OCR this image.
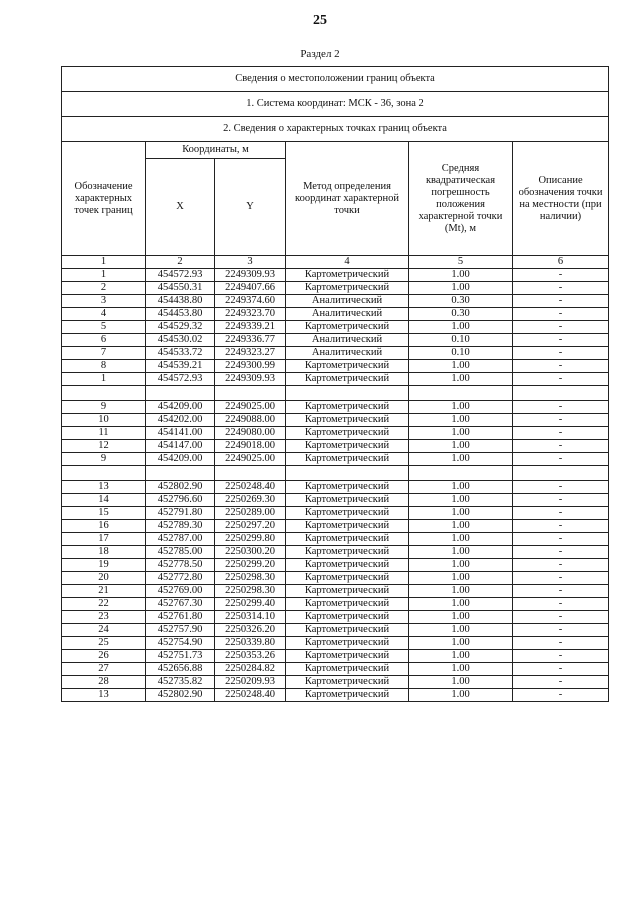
25
Раздел 2
Сведения о местоположении границ объекта					
1. Система координат: МСК - 36, зона 2					
2. Сведения о характерных точках границ объекта					
Обозначение характерных точек границ	Координаты, м		Метод определения координат характерной точки	Средняя квадратическая погрешность положения характерной точки (Mt), м	Описание обозначения точки на местности (при наличии)
	X	Y			
1	2	3	4	5	6
1	454572.93	2249309.93	Картометрический	1.00	-
2	454550.31	2249407.66	Картометрический	1.00	-
3	454438.80	2249374.60	Аналитический	0.30	-
4	454453.80	2249323.70	Аналитический	0.30	-
5	454529.32	2249339.21	Картометрический	1.00	-
6	454530.02	2249336.77	Аналитический	0.10	-
7	454533.72	2249323.27	Аналитический	0.10	-
8	454539.21	2249300.99	Картометрический	1.00	-
1	454572.93	2249309.93	Картометрический	1.00	-

9	454209.00	2249025.00	Картометрический	1.00	-
10	454202.00	2249088.00	Картометрический	1.00	-
11	454141.00	2249080.00	Картометрический	1.00	-
12	454147.00	2249018.00	Картометрический	1.00	-
9	454209.00	2249025.00	Картометрический	1.00	-

13	452802.90	2250248.40	Картометрический	1.00	-
14	452796.60	2250269.30	Картометрический	1.00	-
15	452791.80	2250289.00	Картометрический	1.00	-
16	452789.30	2250297.20	Картометрический	1.00	-
17	452787.00	2250299.80	Картометрический	1.00	-
18	452785.00	2250300.20	Картометрический	1.00	-
19	452778.50	2250299.20	Картометрический	1.00	-
20	452772.80	2250298.30	Картометрический	1.00	-
21	452769.00	2250298.30	Картометрический	1.00	-
22	452767.30	2250299.40	Картометрический	1.00	-
23	452761.80	2250314.10	Картометрический	1.00	-
24	452757.90	2250326.20	Картометрический	1.00	-
25	452754.90	2250339.80	Картометрический	1.00	-
26	452751.73	2250353.26	Картометрический	1.00	-
27	452656.88	2250284.82	Картометрический	1.00	-
28	452735.82	2250209.93	Картометрический	1.00	-
13	452802.90	2250248.40	Картометрический	1.00	-
